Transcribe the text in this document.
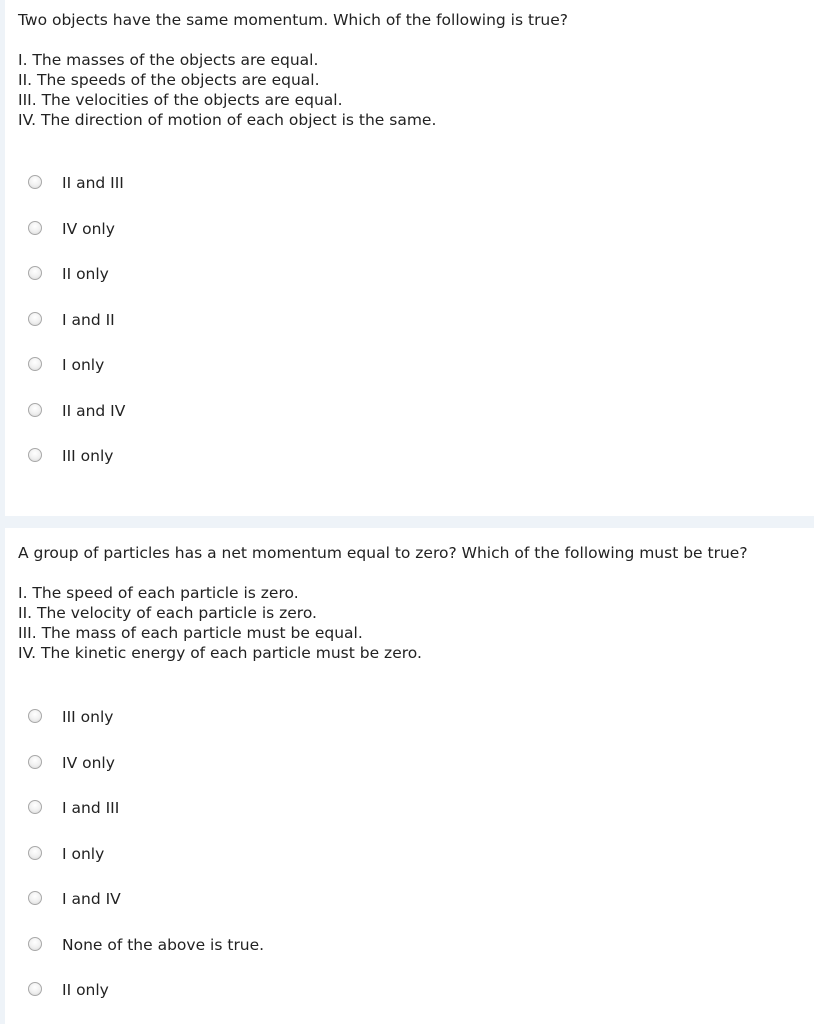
Two objects have the same momentum. Which of the following is true?
I. The masses of the objects are equal.
II. The speeds of the objects are equal.
III. The velocities of the objects are equal.
IV. The direction of motion of each object is the same.
II and III
IV only
II only
I and II
I only
II and IV
III only
A group of particles has a net momentum equal to zero? Which of the following must be true?
I. The speed of each particle is zero.
II. The velocity of each particle is zero.
III. The mass of each particle must be equal.
IV. The kinetic energy of each particle must be zero.
III only
IV only
I and III
I only
I and IV
None of the above is true.
II only
